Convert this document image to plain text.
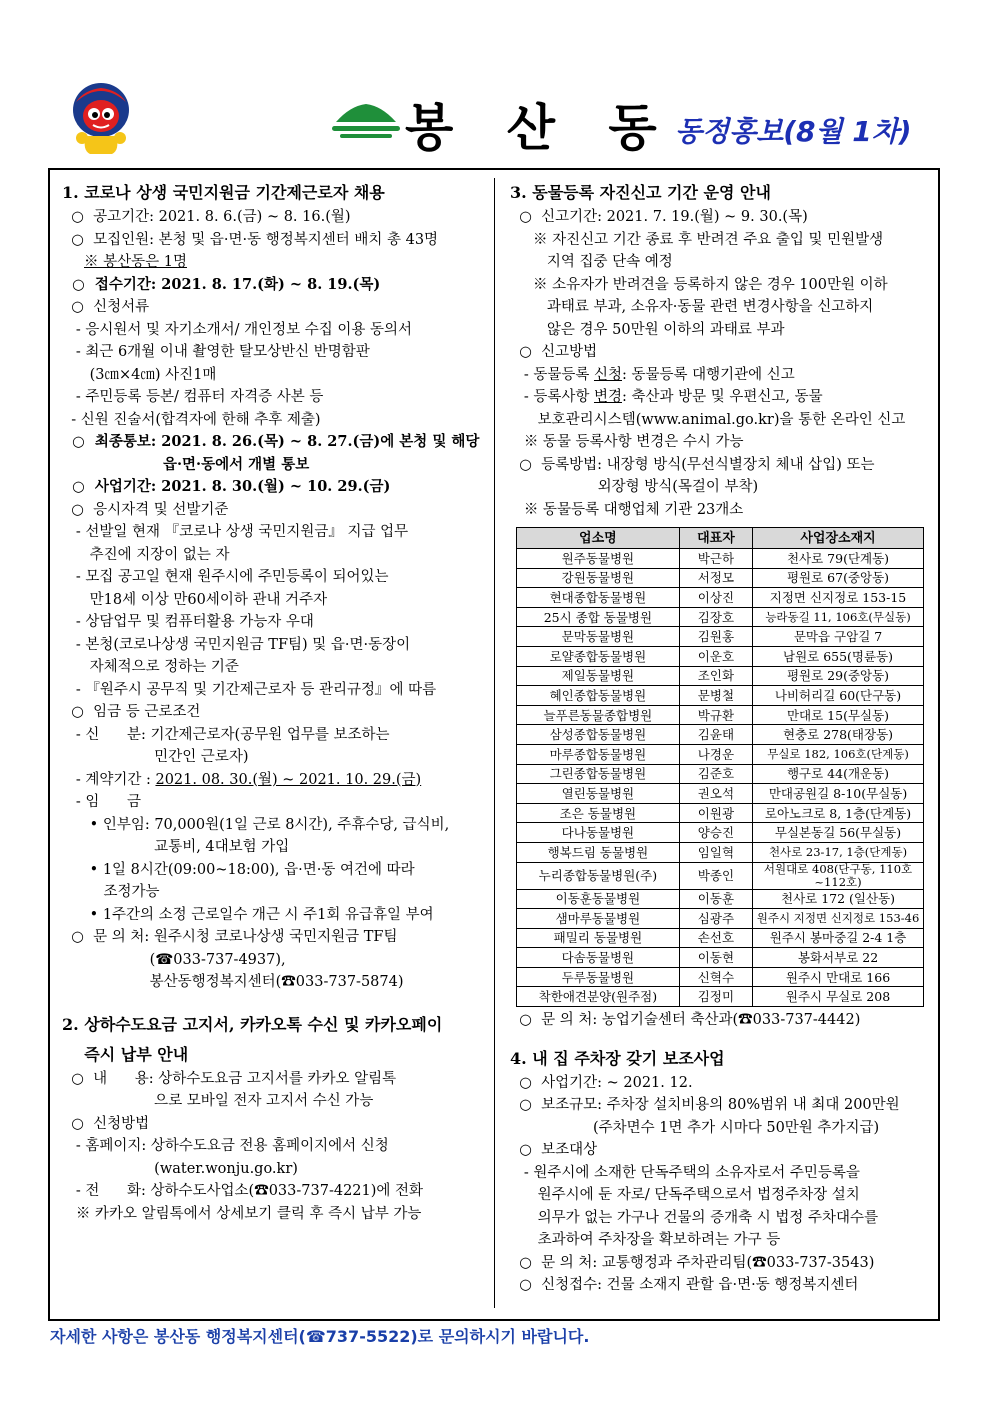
봉 산 동 동정홍보(8월 1차)
1. 코로나 상생 국민지원금 기간제근로자 채용
○  공고기간: 2021. 8. 6.(금) ~ 8. 16.(월)
○  모집인원: 본청 및 읍·면·동 행정복지센터 배치 총 43명
※ 봉산동은 1명
○  접수기간: 2021. 8. 17.(화) ~ 8. 19.(목)
○  신청서류
- 응시원서 및 자기소개서/ 개인정보 수집 이용 동의서
- 최근 6개월 이내 촬영한 탈모상반신 반명함판
(3㎝×4㎝) 사진1매
- 주민등록 등본/ 컴퓨터 자격증 사본 등
- 신원 진술서(합격자에 한해 추후 제출)
○  최종통보: 2021. 8. 26.(목) ~ 8. 27.(금)에 본청 및 해당
읍·면·동에서 개별 통보
○  사업기간: 2021. 8. 30.(월) ~ 10. 29.(금)
○  응시자격 및 선발기준
- 선발일 현재 『코로나 상생 국민지원금』 지급 업무
추진에 지장이 없는 자
- 모집 공고일 현재 원주시에 주민등록이 되어있는
만18세 이상 만60세이하 관내 거주자
- 상담업무 및 컴퓨터활용 가능자 우대
- 본청(코로나상생 국민지원금 TF팀) 및 읍·면·동장이
자체적으로 정하는 기준
- 『원주시 공무직 및 기간제근로자 등 관리규정』에 따름
○  임금 등 근로조건
- 신      분: 기간제근로자(공무원 업무를 보조하는
민간인 근로자)
- 계약기간 : 2021. 08. 30.(월) ~ 2021. 10. 29.(금)
- 임      금
• 인부임: 70,000원(1일 근로 8시간), 주휴수당, 급식비,
교통비, 4대보험 가입
• 1일 8시간(09:00~18:00), 읍·면·동 여건에 따라
조정가능
• 1주간의 소정 근로일수 개근 시 주1회 유급휴일 부여
○  문 의 처: 원주시청 코로나상생 국민지원금 TF팀
(☎033-737-4937),
봉산동행정복지센터(☎033-737-5874)
2. 상하수도요금 고지서, 카카오톡 수신 및 카카오페이
즉시 납부 안내
○  내      용: 상하수도요금 고지서를 카카오 알림톡
으로 모바일 전자 고지서 수신 가능
○  신청방법
- 홈페이지: 상하수도요금 전용 홈페이지에서 신청
(water.wonju.go.kr)
- 전      화: 상하수도사업소(☎033-737-4221)에 전화
※ 카카오 알림톡에서 상세보기 클릭 후 즉시 납부 가능
3. 동물등록 자진신고 기간 운영 안내
○  신고기간: 2021. 7. 19.(월) ~ 9. 30.(목)
※ 자진신고 기간 종료 후 반려견 주요 출입 및 민원발생
지역 집중 단속 예정
※ 소유자가 반려견을 등록하지 않은 경우 100만원 이하
과태료 부과, 소유자·동물 관련 변경사항을 신고하지
않은 경우 50만원 이하의 과태료 부과
○  신고방법
- 동물등록 신청: 동물등록 대행기관에 신고
- 등록사항 변경: 축산과 방문 및 우편신고, 동물
보호관리시스템(www.animal.go.kr)을 통한 온라인 신고
※ 동물 등록사항 변경은 수시 가능
○  등록방법: 내장형 방식(무선식별장치 체내 삽입) 또는
외장형 방식(목걸이 부착)
※ 동물등록 대행업체 기관 23개소
업소명	대표자	사업장소재지
원주동물병원	박근하	천사로 79(단계동)
강원동물병원	서정모	평원로 67(중앙동)
현대종합동물병원	이상진	지정면 신지정로 153-15
25시 종합 동물병원	김장호	능라동길 11, 106호(무실동)
문막동물병원	김원홍	문막읍 구암길 7
로얄종합동물병원	이운호	남원로 655(명륜동)
제일동물병원	조인화	평원로 29(중앙동)
혜인종합동물병원	문병철	나비허리길 60(단구동)
늘푸른동물종합병원	박규환	만대로 15(무실동)
삼성종합동물병원	김윤태	현충로 278(태장동)
마루종합동물병원	나경운	무실로 182, 106호(단계동)
그린종합동물병원	김준호	행구로 44(개운동)
열린동물병원	권오석	만대공원길 8-10(무실동)
조은 동물병원	이원광	로아노크로 8, 1층(단계동)
다나동물병원	양승진	무실본동길 56(무실동)
행복드림 동물병원	임일혁	천사로 23-17, 1층(단계동)
누리종합동물병원(주)	박종인	서원대로 408(단구동, 110호~112호)
이동훈동물병원	이동훈	천사로 172 (일산동)
샘마루동물병원	심광주	원주시 지정면 신지정로 153-46
패밀리 동물병원	손선호	원주시 봉마중길 2-4 1층
다솜동물병원	이동현	봉화서부로 22
두루동물병원	신혁수	원주시 만대로 166
착한애견분양(원주점)	김정미	원주시 무실로 208
○  문 의 처: 농업기술센터 축산과(☎033-737-4442)
4. 내 집 주차장 갖기 보조사업
○  사업기간: ~ 2021. 12.
○  보조규모: 주차장 설치비용의 80%범위 내 최대 200만원
(주차면수 1면 추가 시마다 50만원 추가지급)
○  보조대상
- 원주시에 소재한 단독주택의 소유자로서 주민등록을
원주시에 둔 자로/ 단독주택으로서 법정주차장 설치
의무가 없는 가구나 건물의 증개축 시 법정 주차대수를
초과하여 주차장을 확보하려는 가구 등
○  문 의 처: 교통행정과 주차관리팀(☎033-737-3543)
○  신청접수: 건물 소재지 관할 읍·면·동 행정복지센터
자세한 사항은 봉산동 행정복지센터(☎737-5522)로 문의하시기 바랍니다.
